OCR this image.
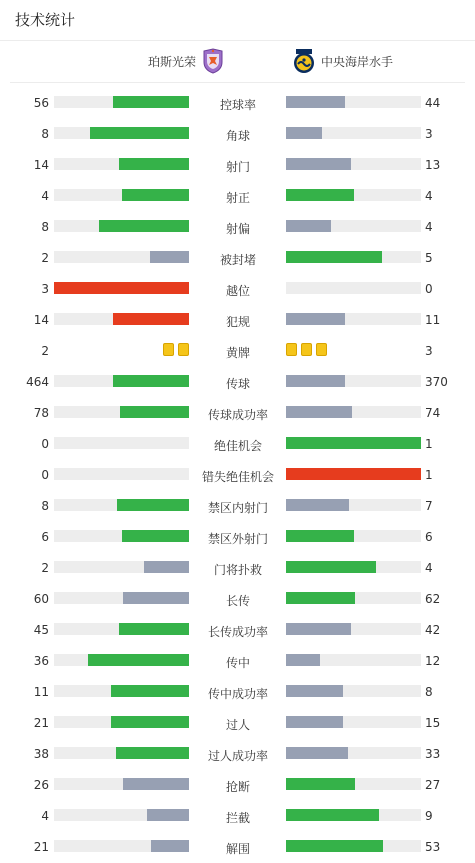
技术统计
珀斯光荣	中央海岸水手
56	控球率	44
8	角球	3
14	射门	13
4	射正	4
8	射偏	4
2	被封堵	5
3	越位	0
14	犯规	11
2	黄牌	3
464	传球	370
78	传球成功率	74
0	绝佳机会	1
0	错失绝佳机会	1
8	禁区内射门	7
6	禁区外射门	6
2	门将扑救	4
60	长传	62
45	长传成功率	42
36	传中	12
11	传中成功率	8
21	过人	15
38	过人成功率	33
26	抢断	27
4	拦截	9
21	解围	53
